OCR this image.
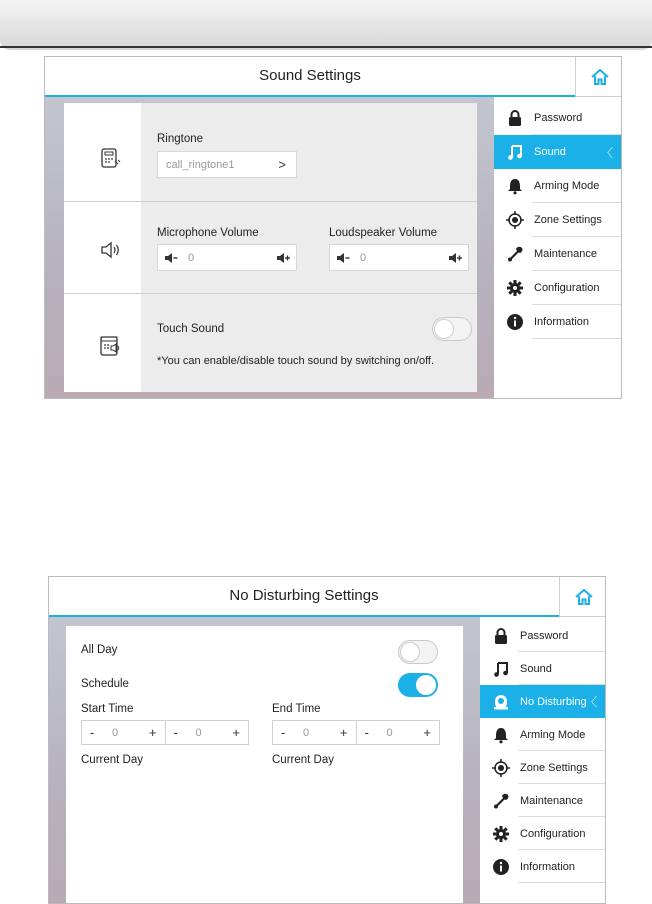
Sound Settings
Ringtone
call_ringtone1	>
Microphone Volume
0
Loudspeaker Volume
0
Touch Sound
*You can enable/disable touch sound by switching on/off.
Password
Sound	〈
Arming Mode
Zone Settings
Maintenance
Configuration
Information
No Disturbing Settings
All Day
Schedule
Start Time
- 0 + - 0 +
Current Day
End Time
- 0 + - 0 +
Current Day
Password
Sound
No Disturbing
〈
Arming Mode
Zone Settings
Maintenance
Configuration
Information
